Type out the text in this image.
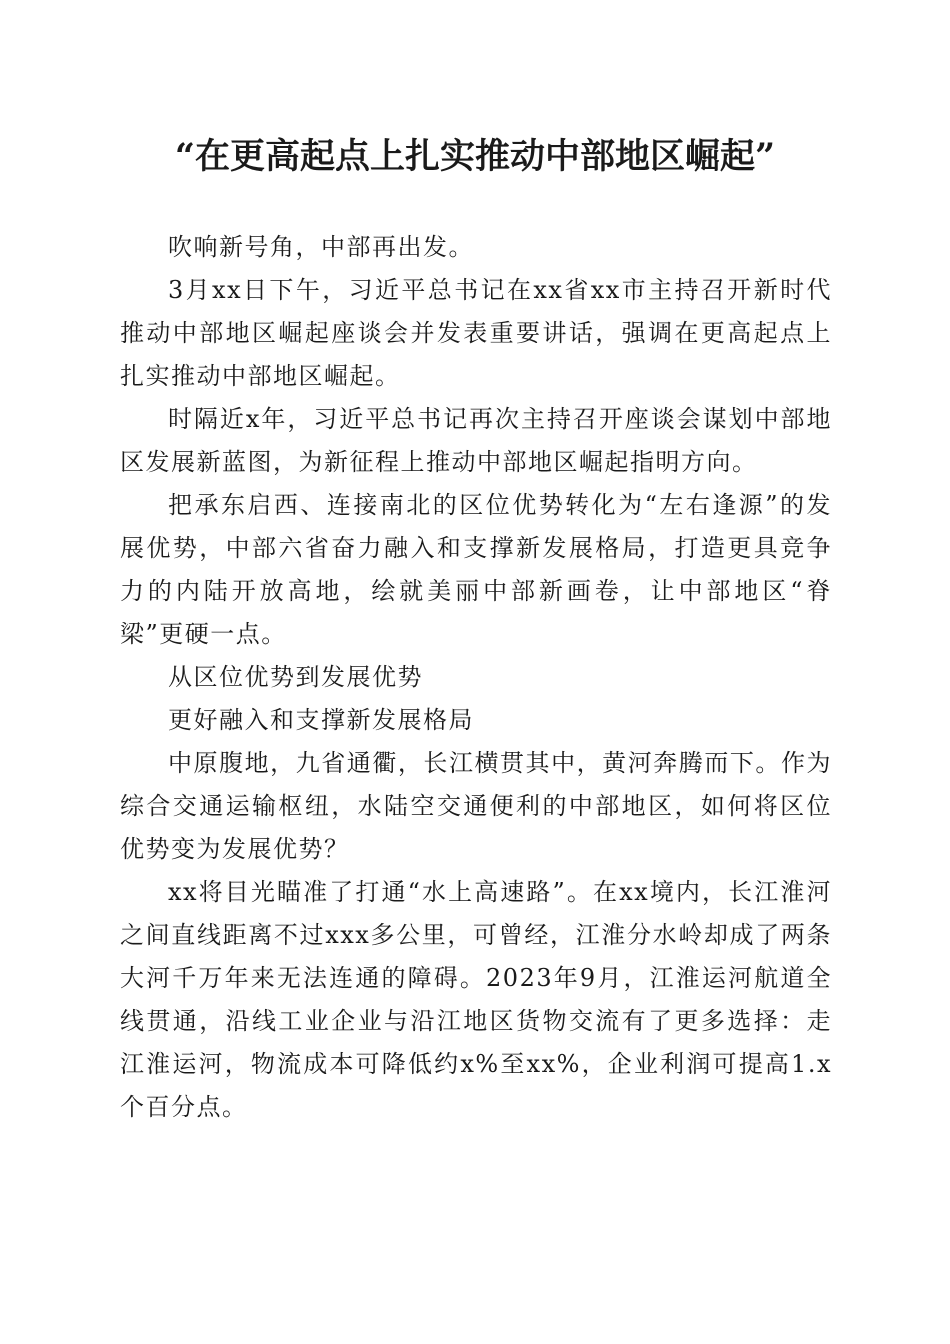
“在更高起点上扎实推动中部地区崛起”

吹响新号角，中部再出发。

3月xx日下午，习近平总书记在xx省xx市主持召开新时代推动中部地区崛起座谈会并发表重要讲话，强调在更高起点上扎实推动中部地区崛起。

时隔近x年，习近平总书记再次主持召开座谈会谋划中部地区发展新蓝图，为新征程上推动中部地区崛起指明方向。

把承东启西、连接南北的区位优势转化为“左右逢源”的发展优势，中部六省奋力融入和支撑新发展格局，打造更具竞争力的内陆开放高地，绘就美丽中部新画卷，让中部地区“脊梁”更硬一点。

从区位优势到发展优势

更好融入和支撑新发展格局

中原腹地，九省通衢，长江横贯其中，黄河奔腾而下。作为综合交通运输枢纽，水陆空交通便利的中部地区，如何将区位优势变为发展优势？

xx将目光瞄准了打通“水上高速路”。在xx境内，长江淮河之间直线距离不过xxx多公里，可曾经，江淮分水岭却成了两条大河千万年来无法连通的障碍。2023年9月，江淮运河航道全线贯通，沿线工业企业与沿江地区货物交流有了更多选择：走江淮运河，物流成本可降低约x%至xx%，企业利润可提高1.x个百分点。
